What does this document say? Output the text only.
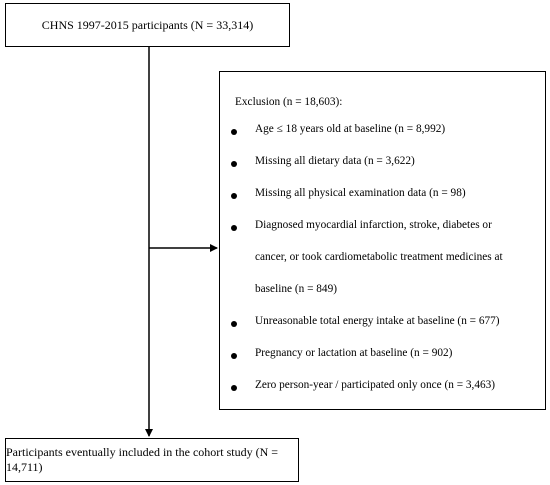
CHNS 1997-2015 participants (N = 33,314)
Exclusion (n = 18,603):
Age ≤ 18 years old at baseline (n = 8,992)
Missing all dietary data (n = 3,622)
Missing all physical examination data (n = 98)
Diagnosed myocardial infarction, stroke, diabetes or
cancer, or took cardiometabolic treatment medicines at
baseline (n = 849)
Unreasonable total energy intake at baseline (n = 677)
Pregnancy or lactation at baseline (n = 902)
Zero person-year / participated only once (n = 3,463)
Participants eventually included in the cohort study (N = 14,711)
